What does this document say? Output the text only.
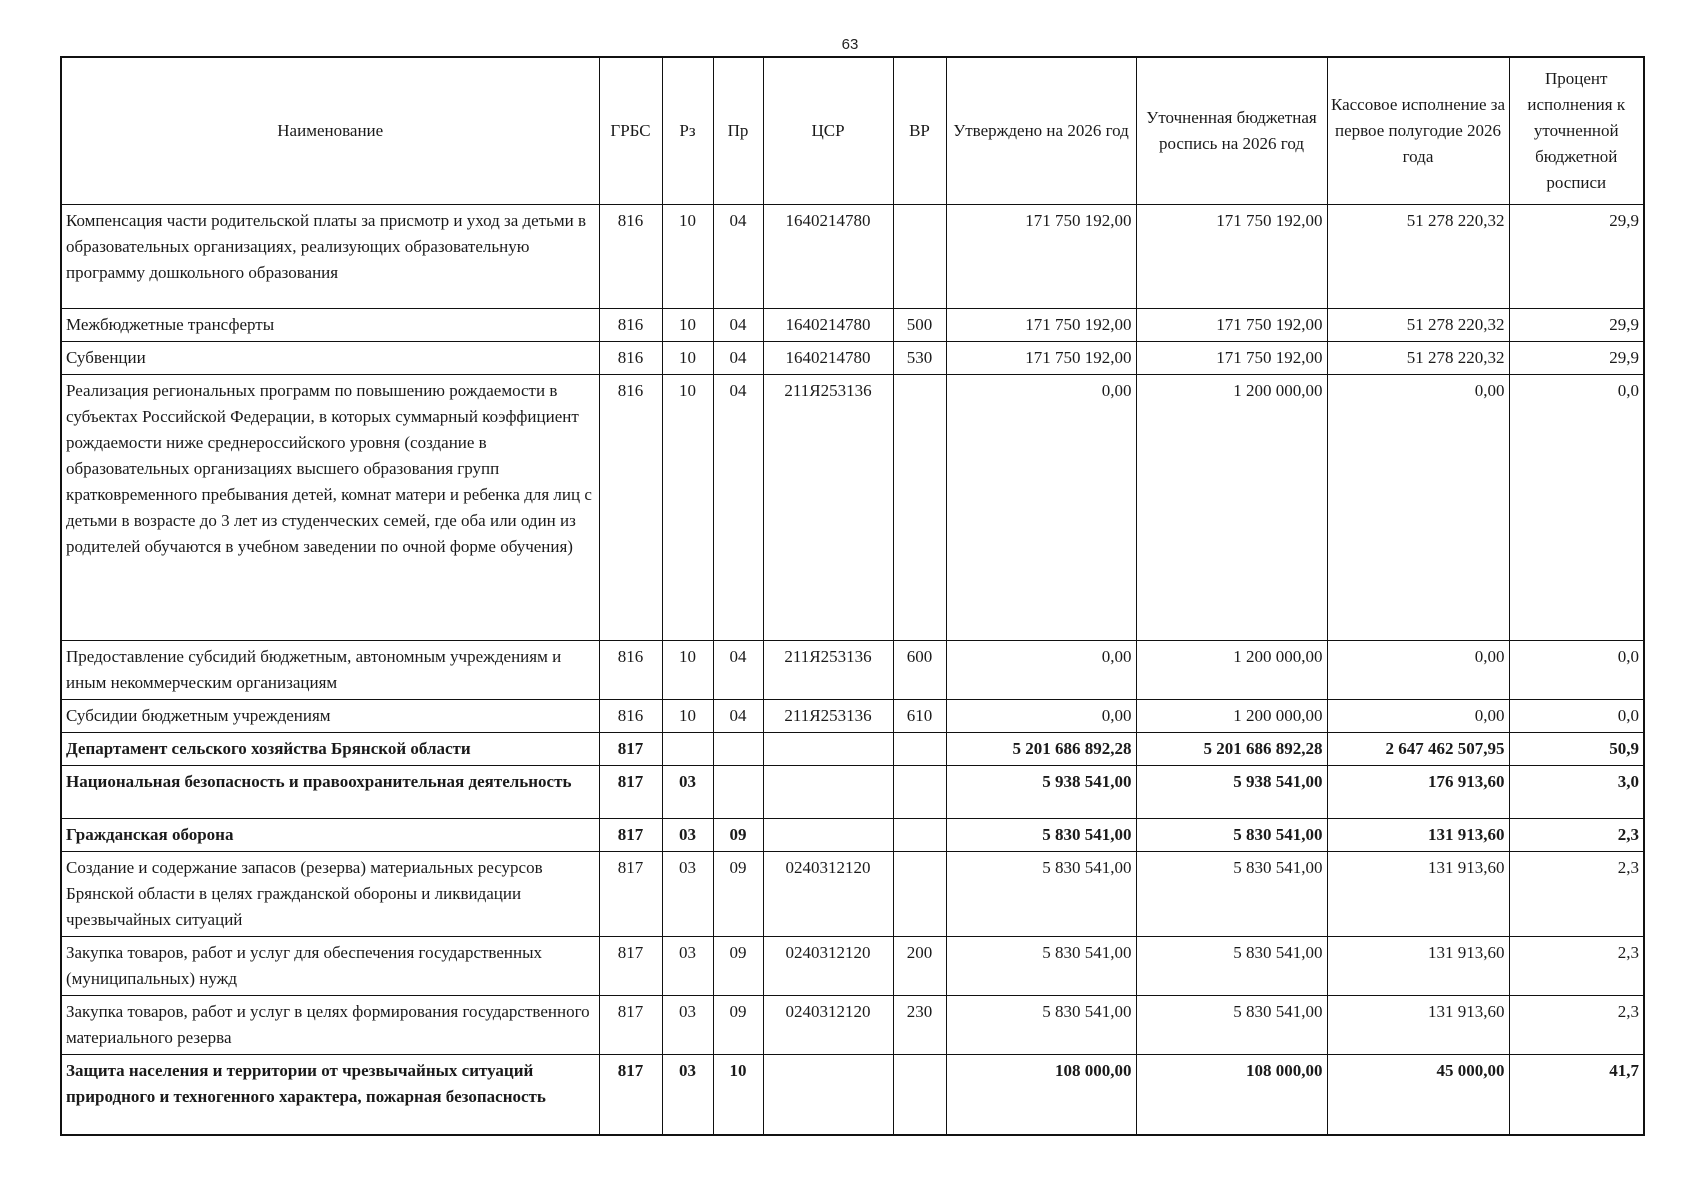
63
Наименование	ГРБС	Рз	Пр	ЦСР	ВР	Утверждено на 2026 год	Уточненная бюджетная роспись на 2026 год	Кассовое исполнение за первое полугодие 2026 года	Процент исполнения к уточненной бюджетной росписи
Компенсация части родительской платы за присмотр и уход за детьми в образовательных организациях, реализующих образовательную программу дошкольного образования	816	10	04	1640214780		171 750 192,00	171 750 192,00	51 278 220,32	29,9
Межбюджетные трансферты	816	10	04	1640214780	500	171 750 192,00	171 750 192,00	51 278 220,32	29,9
Субвенции	816	10	04	1640214780	530	171 750 192,00	171 750 192,00	51 278 220,32	29,9
Реализация региональных программ по повышению рождаемости в субъектах Российской Федерации, в которых суммарный коэффициент рождаемости ниже среднероссийского уровня (создание в образовательных организациях высшего образования групп кратковременного пребывания детей, комнат матери и ребенка для лиц с детьми в возрасте до 3 лет из студенческих семей, где оба или один из родителей обучаются в учебном заведении по очной форме обучения)	816	10	04	211Я253136		0,00	1 200 000,00	0,00	0,0
Предоставление субсидий бюджетным, автономным учреждениям и иным некоммерческим организациям	816	10	04	211Я253136	600	0,00	1 200 000,00	0,00	0,0
Субсидии бюджетным учреждениям	816	10	04	211Я253136	610	0,00	1 200 000,00	0,00	0,0
Департамент сельского хозяйства Брянской области	817					5 201 686 892,28	5 201 686 892,28	2 647 462 507,95	50,9
Национальная безопасность и правоохранительная деятельность	817	03				5 938 541,00	5 938 541,00	176 913,60	3,0
Гражданская оборона	817	03	09			5 830 541,00	5 830 541,00	131 913,60	2,3
Создание и содержание запасов (резерва) материальных ресурсов Брянской области в целях гражданской обороны и ликвидации чрезвычайных ситуаций	817	03	09	0240312120		5 830 541,00	5 830 541,00	131 913,60	2,3
Закупка товаров, работ и услуг для обеспечения государственных (муниципальных) нужд	817	03	09	0240312120	200	5 830 541,00	5 830 541,00	131 913,60	2,3
Закупка товаров, работ и услуг в целях формирования государственного материального резерва	817	03	09	0240312120	230	5 830 541,00	5 830 541,00	131 913,60	2,3
Защита населения и территории от чрезвычайных ситуаций природного и техногенного характера, пожарная безопасность	817	03	10			108 000,00	108 000,00	45 000,00	41,7
